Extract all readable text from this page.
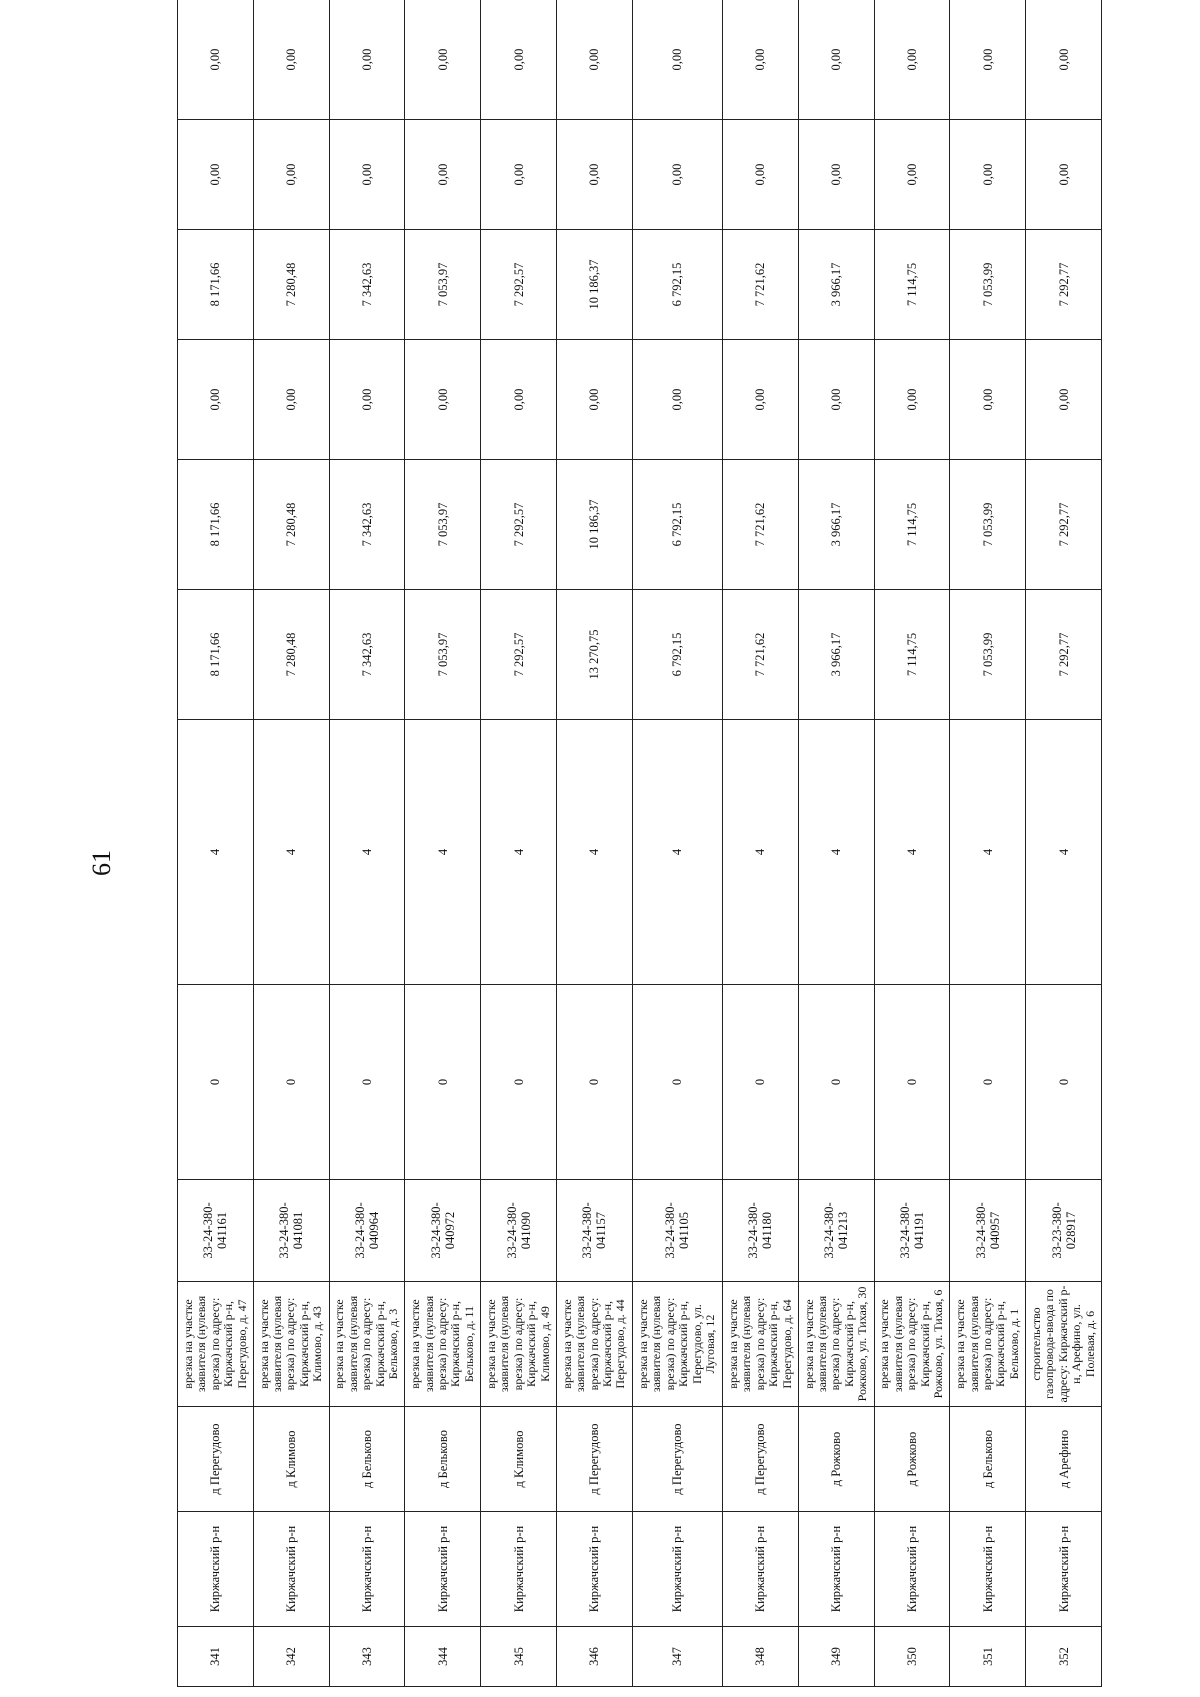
61
341	Киржачский р-н	д Перегудово	врезка на участке заявителя (нулевая врезка) по адресу: Киржачский р-н, Перегудово, д. 47	33-24-380-041161	0	4	8 171,66	8 171,66	0,00	8 171,66	0,00	0,00
342	Киржачский р-н	д Климово	врезка на участке заявителя (нулевая врезка) по адресу: Киржачский р-н, Климово, д. 43	33-24-380-041081	0	4	7 280,48	7 280,48	0,00	7 280,48	0,00	0,00
343	Киржачский р-н	д Бельково	врезка на участке заявителя (нулевая врезка) по адресу: Киржачский р-н, Бельково, д. 3	33-24-380-040964	0	4	7 342,63	7 342,63	0,00	7 342,63	0,00	0,00
344	Киржачский р-н	д Бельково	врезка на участке заявителя (нулевая врезка) по адресу: Киржачский р-н, Бельково, д. 11	33-24-380-040972	0	4	7 053,97	7 053,97	0,00	7 053,97	0,00	0,00
345	Киржачский р-н	д Климово	врезка на участке заявителя (нулевая врезка) по адресу: Киржачский р-н, Климово, д. 49	33-24-380-041090	0	4	7 292,57	7 292,57	0,00	7 292,57	0,00	0,00
346	Киржачский р-н	д Перегудово	врезка на участке заявителя (нулевая врезка) по адресу: Киржачский р-н, Перегудово, д. 44	33-24-380-041157	0	4	13 270,75	10 186,37	0,00	10 186,37	0,00	0,00
347	Киржачский р-н	д Перегудово	врезка на участке заявителя (нулевая врезка) по адресу: Киржачский р-н, Перегудово, ул. Луговая, 12	33-24-380-041105	0	4	6 792,15	6 792,15	0,00	6 792,15	0,00	0,00
348	Киржачский р-н	д Перегудово	врезка на участке заявителя (нулевая врезка) по адресу: Киржачский р-н, Перегудово, д. 64	33-24-380-041180	0	4	7 721,62	7 721,62	0,00	7 721,62	0,00	0,00
349	Киржачский р-н	д Рожково	врезка на участке заявителя (нулевая врезка) по адресу: Киржачский р-н, Рожково, ул. Тихая, 30	33-24-380-041213	0	4	3 966,17	3 966,17	0,00	3 966,17	0,00	0,00
350	Киржачский р-н	д Рожково	врезка на участке заявителя (нулевая врезка) по адресу: Киржачский р-н, Рожково, ул. Тихая, 6	33-24-380-041191	0	4	7 114,75	7 114,75	0,00	7 114,75	0,00	0,00
351	Киржачский р-н	д Бельково	врезка на участке заявителя (нулевая врезка) по адресу: Киржачский р-н, Бельково, д. 1	33-24-380-040957	0	4	7 053,99	7 053,99	0,00	7 053,99	0,00	0,00
352	Киржачский р-н	д Арефино	строительство газопровода-ввода по адресу: Киржачский р-н, Арефино, ул. Полевая, д. 6	33-23-380-028917	0	4	7 292,77	7 292,77	0,00	7 292,77	0,00	0,00
